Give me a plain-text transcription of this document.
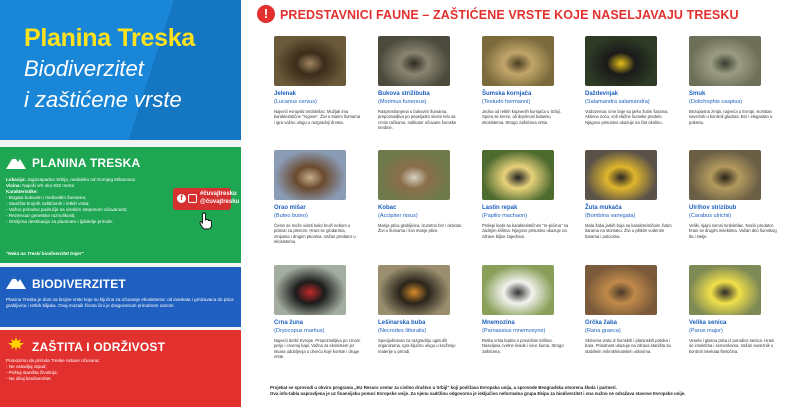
Planina Treska
Biodiverzitet
i zaštićene vrste
PLANINA TRESKA
Lokacija: Jugozapadna Srbija, nedaleko od Gornjeg Milanovca
Visina: Najviši vrh oko 632 metra
Karakteristike:
- Bogata bukovim i mešovitim šumama;
- Staništa brojnih zaštićenih i retkih vrsta;
- Važno prirodno područje sa visokim stepenom očuvanosti;
- Rezervoar genetske raznolikosti;
- Omiljena destinacija za planinare i ljubitelje prirode.
"Neka na Treski biodiverzitet traje!"
f
#čuvajtresku
@čuvajtresku
BIODIVERZITET
Planina Treska je dom za brojne vrste koje su ključne za očuvanje ekosistema: od insekata i gmizavaca do ptica grabljivica i retkih biljaka. Ovaj mozaik života čini je dragocenom prirodnom oazom.
ZAŠTITA I ODRŽIVOST
Pomozimo da priroda Treske ostane očuvana:
- Ne ostavljaj otpad;
- Poštuj staništa životinja;
- Ne diraj biodiverzitet.
! PREDSTAVNICI FAUNE – ZAŠTIĆENE VRSTE KOJE NASELJAVAJU TRESKU
Jelenak
(Lucanus cervus)
Najveći evropski tvrdokrilac. Mužjak ima karakteristične "rogove". Živi u starim šumama i igra važnu ulogu u razgradnji drveta.
Bukova strižibuba
(Morimus funereus)
Rasprostranjena u bukovim šumama, prepoznatljiva po pepeljasto sivom telu sa crnim tačkama. Indikator očuvane šumske sredine.
Šumska kornjača
(Testudo hermanni)
Jedna od retkih kopnenih kornjača u Srbiji. Spora se kreće, ali doprinosi balansu ekosistema. Strogo zaštićena vrsta.
Daždevnjak
(Salamandra salamandra)
Vodozemac crne boje sa jarko žutim šarama. Aktivna noću, voli vlažne šumske predele. Njegovo prisustvo ukazuje na čist okolinu.
Smuk
(Dolichophis caspius)
Bezopasna zmija, najveća u Evropi. Koristan saveznik u kontroli glodara. Brz i elegantan u pokretu.
Orao mišar
(Buteo buteo)
Često se može videti kako kruži nebom u potrazi za plenom. Hrani se glodarima, zmijama i drugim pticama. Važan predator u ekosistemu.
Kobac
(Accipiter nisus)
Manja ptica grabljivica, izuzetno brz i okretan. Živi u šumama i lovi manje ptice.
Lastin repak
(Papilio machaon)
Prelepi leptir sa karakterističnim "re-pićima" na zadnjim krilima. Njegovo prisustvo ukazuje na zdrave biljne zajednice.
Žuta mukača
(Bombina variegata)
Mala žaba jarkih boja sa karakterističnim žutim šarama na stomaku. Živi u plitkim vodenim barama i potocima.
Ulrihov strizibub
(Carabus ulrichii)
Veliki, sjajni zemni tvrdokrilac. Noćni predator, hrani se drugim insektima. Važan deo šumskog tla i stelje.
Crna žuna
(Dryocopus martius)
Najveći detlić Evrope. Prepoznatljiva po crnom perju i crvenoj kapi. Važna za ekosistem jer stvara udubljenja u drveću koje koriste i druge vrste.
Lešinarska buba
(Necrodes littoralis)
Specijalizovan za razgradnju uginulih organizama. Igra ključnu ulogu u kruženju materije u prirodi.
Mnemozina
(Parnassius mnemosyne)
Retka vrsta leptira s providnim krilima. Naseljava cvetne livade i ivice šuma. Strogo zaštićena.
Grčka žaba
(Rana graeca)
Skrivena vrsta iz šumskih i planinskih potoka i bara. Prisutnost ukazuje na zdrava staništa sa stabilnim mikroklimatskim uslovima.
Velika senica
(Parus major)
Vesela i glasna ptica iz porodice senica. Hrani se insektima i semenkama. Važan saveznik u kontroli insekata štetočina.
Projekat se sprovodi u okviru programa „EU Resurs centar za civilno društvo u Srbiji" koji podržava Evropska unija, a sprovode Beogradska otvorena škola i partneri.
Ova info-tabla napravljena je uz finansijsku pomoć Evropske unije. Za njenu sadržinu odgovorna je isključivo neformalna grupa Ekipa za biodiverzitet i ona nužno ne odražava stavove Evropske unije.
